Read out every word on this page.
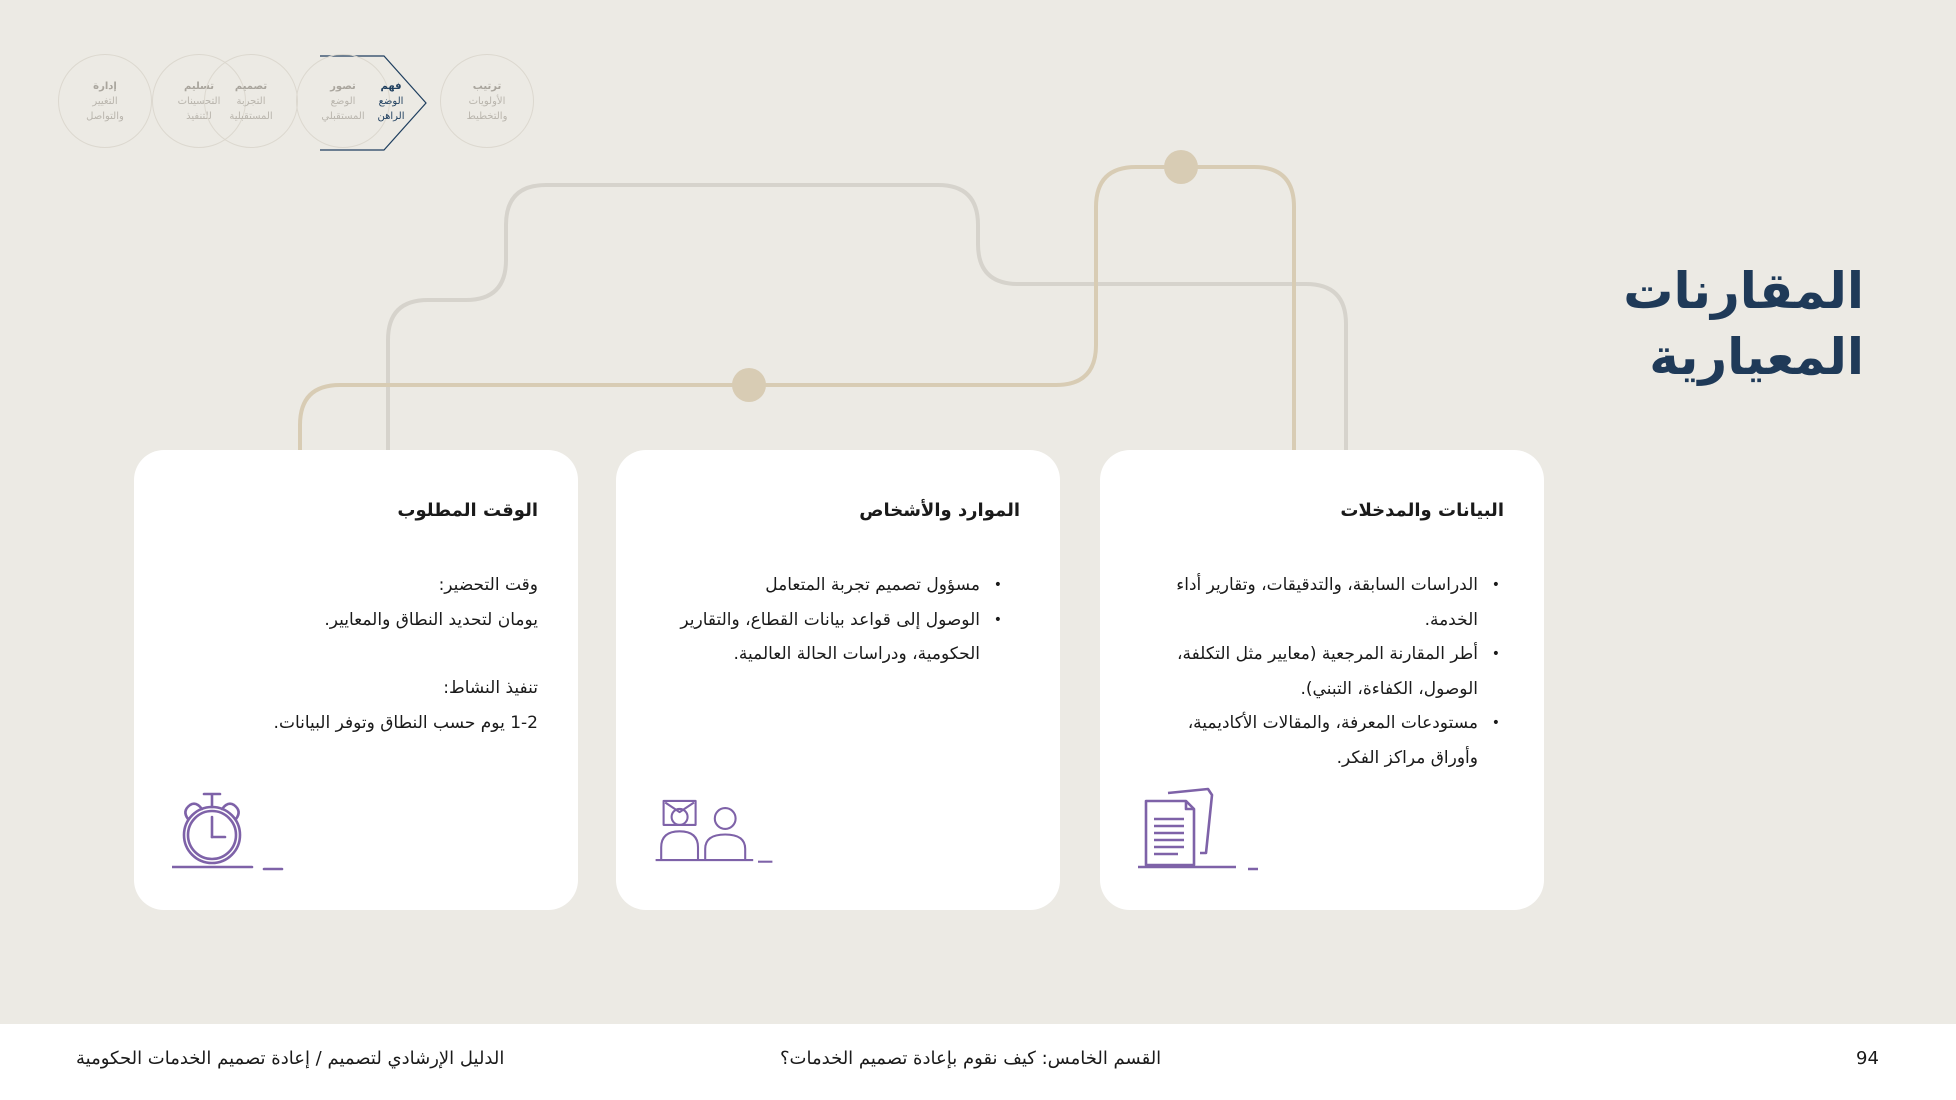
إدارة
التغيير
والتواصل
تسليم
التحسينات
للتنفيذ
تصميم
التجربة
المستقبلية
تصور
الوضع
المستقبلي
فهم
الوضع
الراهن
ترتيب
الأولويات
والتخطيط
المقارنات
المعيارية
البيانات والمدخلات
• الدراسات السابقة، والتدقيقات، وتقارير أداء الخدمة.
• أطر المقارنة المرجعية (معايير مثل التكلفة، الوصول، الكفاءة، التبني).
• مستودعات المعرفة، والمقالات الأكاديمية، وأوراق مراكز الفكر.
الموارد والأشخاص
• مسؤول تصميم تجربة المتعامل
• الوصول إلى قواعد بيانات القطاع، والتقارير الحكومية، ودراسات الحالة العالمية.
الوقت المطلوب

وقت التحضير:

يومان لتحديد النطاق والمعايير.

تنفيذ النشاط:

1-2 يوم حسب النطاق وتوفر البيانات.

94
القسم الخامس: كيف نقوم بإعادة تصميم الخدمات؟
الدليل الإرشادي لتصميم / إعادة تصميم الخدمات الحكومية
